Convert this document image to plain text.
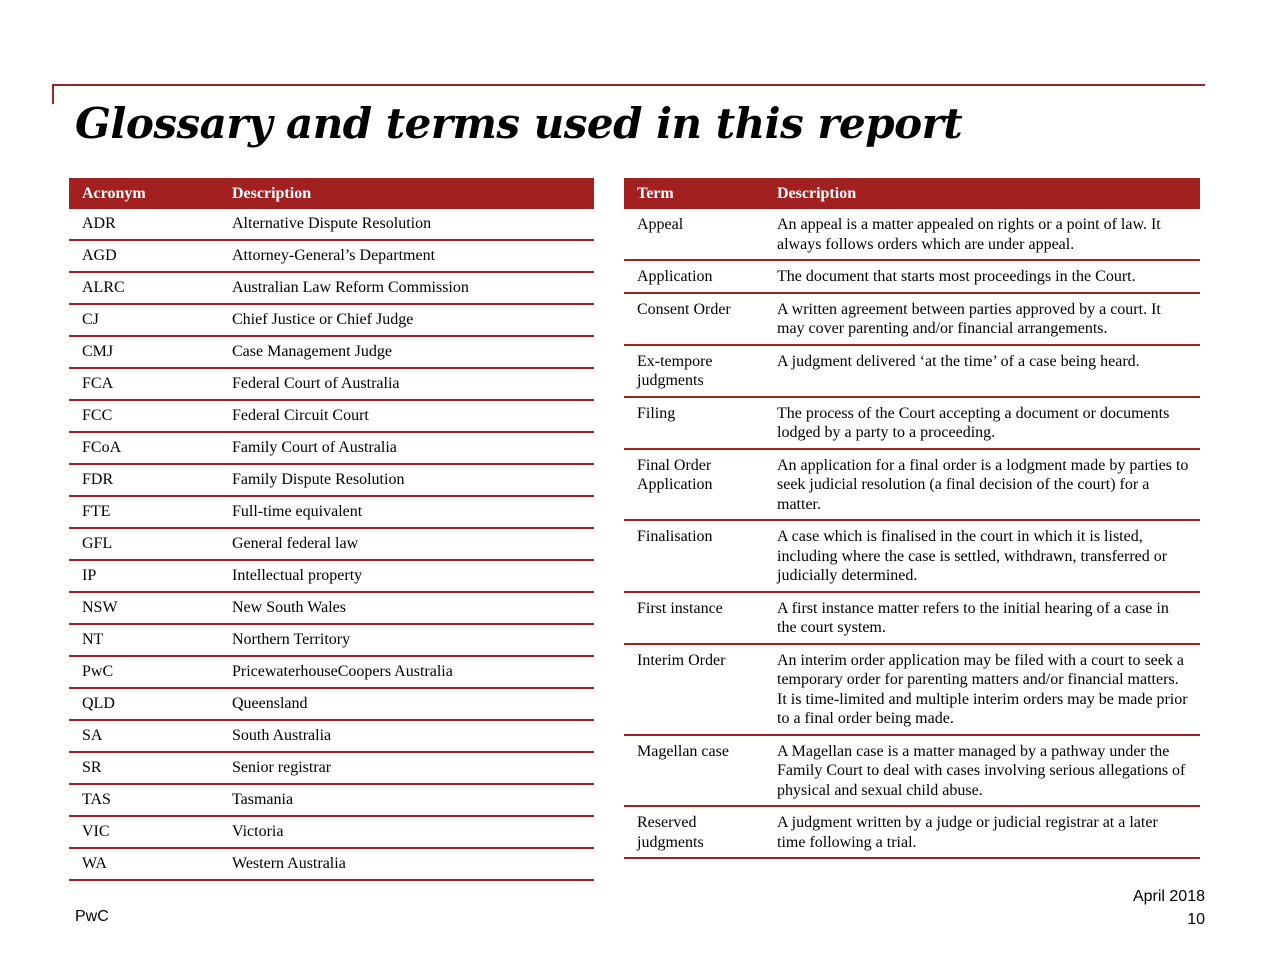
Glossary and terms used in this report
Acronym	Description
ADR	Alternative Dispute Resolution
AGD	Attorney-General’s Department
ALRC	Australian Law Reform Commission
CJ	Chief Justice or Chief Judge
CMJ	Case Management Judge
FCA	Federal Court of Australia
FCC	Federal Circuit Court
FCoA	Family Court of Australia
FDR	Family Dispute Resolution
FTE	Full-time equivalent
GFL	General federal law
IP	Intellectual property
NSW	New South Wales
NT	Northern Territory
PwC	PricewaterhouseCoopers Australia
QLD	Queensland
SA	South Australia
SR	Senior registrar
TAS	Tasmania
VIC	Victoria
WA	Western Australia
Term	Description
Appeal	An appeal is a matter appealed on rights or a point of law. It always follows orders which are under appeal.
Application	The document that starts most proceedings in the Court.
Consent Order	A written agreement between parties approved by a court. It may cover parenting and/or financial arrangements.
Ex-tempore judgments	A judgment delivered ‘at the time’ of a case being heard.
Filing	The process of the Court accepting a document or documents lodged by a party to a proceeding.
Final Order Application	An application for a final order is a lodgment made by parties to seek judicial resolution (a final decision of the court) for a matter.
Finalisation	A case which is finalised in the court in which it is listed, including where the case is settled, withdrawn, transferred or judicially determined.
First instance	A first instance matter refers to the initial hearing of a case in the court system.
Interim Order	An interim order application may be filed with a court to seek a temporary order for parenting matters and/or financial matters. It is time-limited and multiple interim orders may be made prior to a final order being made.
Magellan case	A Magellan case is a matter managed by a pathway under the Family Court to deal with cases involving serious allegations of physical and sexual child abuse.
Reserved judgments	A judgment written by a judge or judicial registrar at a later time following a trial.
PwC
April 2018
10
